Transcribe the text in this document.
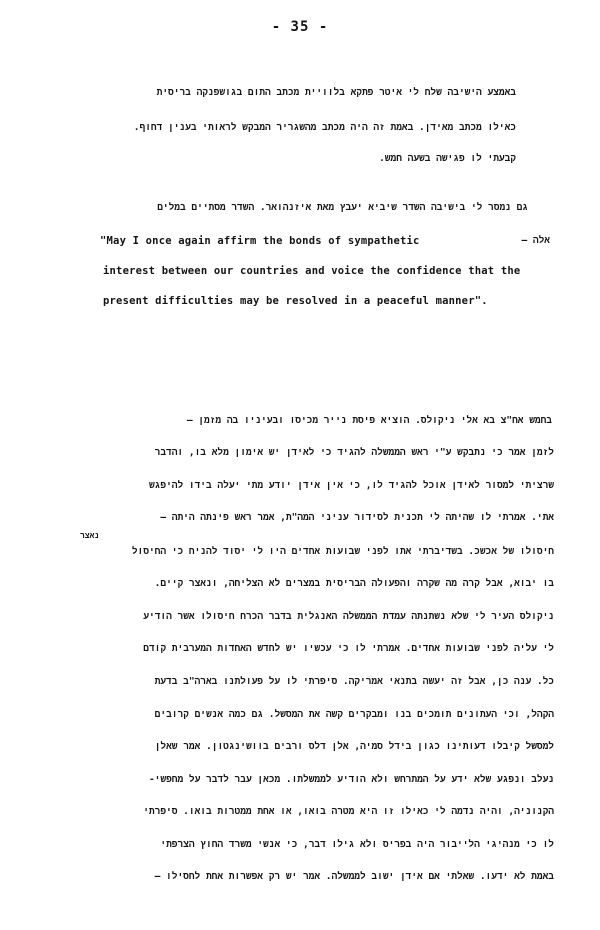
- 35 -
באמצע הישיבה שלח לי איטר פתקא בלוויית מכתב התום בגושפנקה בריסית
כאילו מכתב מאידן. באמת זה היה מכתב מהשגריר המבקש לראותי בענין דחוף.
קבעתי לו פגישה בשעה חמש.
גם נמסר לי בישיבה השדר שיביא יעבץ מאת איזנהואר. השדר מסתיים במלים
אלה –
"May I once again affirm the bonds of sympathetic
interest between our countries and voice the confidence that the
present difficulties may be resolved in a peaceful manner".
בחמש אח"צ בא אלי ניקולס. הוציא פיסת נייר מכיסו ובעיניו בה מזמן –
לזמן אמר כי נתבקש ע"י ראש הממשלה להגיד כי לאידן יש אימון מלא בו, והדבר
שרציתי למסור לאידן אוכל להגיד לו, כי אין אידן יודע מתי יעלה בידו להיפגש
אתי. אמרתי לו שהיתה לי תכנית לסידור עניני המה"ת, אמר ראש פינתה היתה –
נאצר
חיסולו של אכשכ. בשדיברתי אתו לפני שבועות אחדים היו לי יסוד להניח כי החיסול
בו יבוא, אבל קרה מה שקרה והפעולה הבריסית במצרים לא הצליחה, ונאצר קיים.
ניקולס העיר לי שלא נשתנתה עמדת הממשלה האנגלית בדבר הכרח חיסולו אשר הודיע
לי עליה לפני שבועות אחדים. אמרתי לו כי עכשיו יש לחדש האחדות המערבית קודם
כל. ענה כן, אבל זה יעשה בתנאי אמריקה. סיפרתי לו על פעולתנו בארה"ב בדעת
הקהל, וכי העתונים תומכים בנו ומבקרים קשה את המסשל. גם כמה אנשים קרובים
למסשל קיבלו דעותינו כגון בידל סמיה, אלן דלס ורבים בוושינגטון. אמר שאלן
נעלב ונפגע שלא ידע על המתרחש ולא הודיע לממשלתו. מכאן עבר לדבר על מחפשי-
הקנוניה, והיה נדמה לי כאילו זו היא מטרה בואו, או אחת ממטרות בואו. סיפרתי
לו כי מנהיגי הלייבור היה בפריס ולא גילו דבר, כי אנשי משרד החוץ הצרפתי
באמת לא ידעו. שאלתי אם אידן ישוב לממשלה. אמר יש רק אפשרות אחת לחסילו –
